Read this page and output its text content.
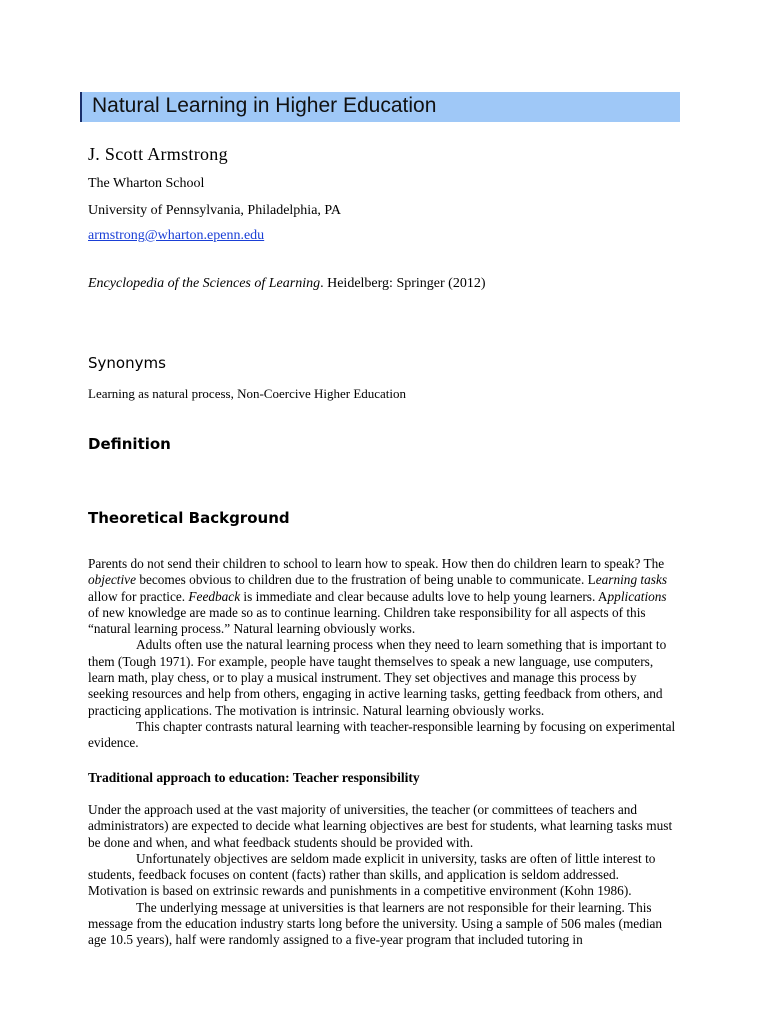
Natural Learning in Higher Education
J. Scott Armstrong
The Wharton School
University of Pennsylvania, Philadelphia, PA
armstrong@wharton.epenn.edu
Encyclopedia of the Sciences of Learning. Heidelberg: Springer (2012)
Synonyms
Learning as natural process, Non-Coercive Higher Education
Definition
Theoretical Background

Parents do not send their children to school to learn how to speak. How then do children learn to speak? The objective becomes obvious to children due to the frustration of being unable to communicate. Learning tasks allow for practice. Feedback is immediate and clear because adults love to help young learners. Applications of new knowledge are made so as to continue learning. Children take responsibility for all aspects of this “natural learning process.” Natural learning obviously works.

Adults often use the natural learning process when they need to learn something that is important to them (Tough 1971). For example, people have taught themselves to speak a new language, use computers, learn math, play chess, or to play a musical instrument. They set objectives and manage this process by seeking resources and help from others, engaging in active learning tasks, getting feedback from others, and practicing applications. The motivation is intrinsic. Natural learning obviously works.

This chapter contrasts natural learning with teacher-responsible learning by focusing on experimental evidence.

Traditional approach to education: Teacher responsibility

Under the approach used at the vast majority of universities, the teacher (or committees of teachers and administrators) are expected to decide what learning objectives are best for students, what learning tasks must be done and when, and what feedback students should be provided with.

Unfortunately objectives are seldom made explicit in university, tasks are often of little interest to students, feedback focuses on content (facts) rather than skills, and application is seldom addressed. Motivation is based on extrinsic rewards and punishments in a competitive environment (Kohn 1986).

The underlying message at universities is that learners are not responsible for their learning. This message from the education industry starts long before the university. Using a sample of 506 males (median age 10.5 years), half were randomly assigned to a five-year program that included tutoring in
